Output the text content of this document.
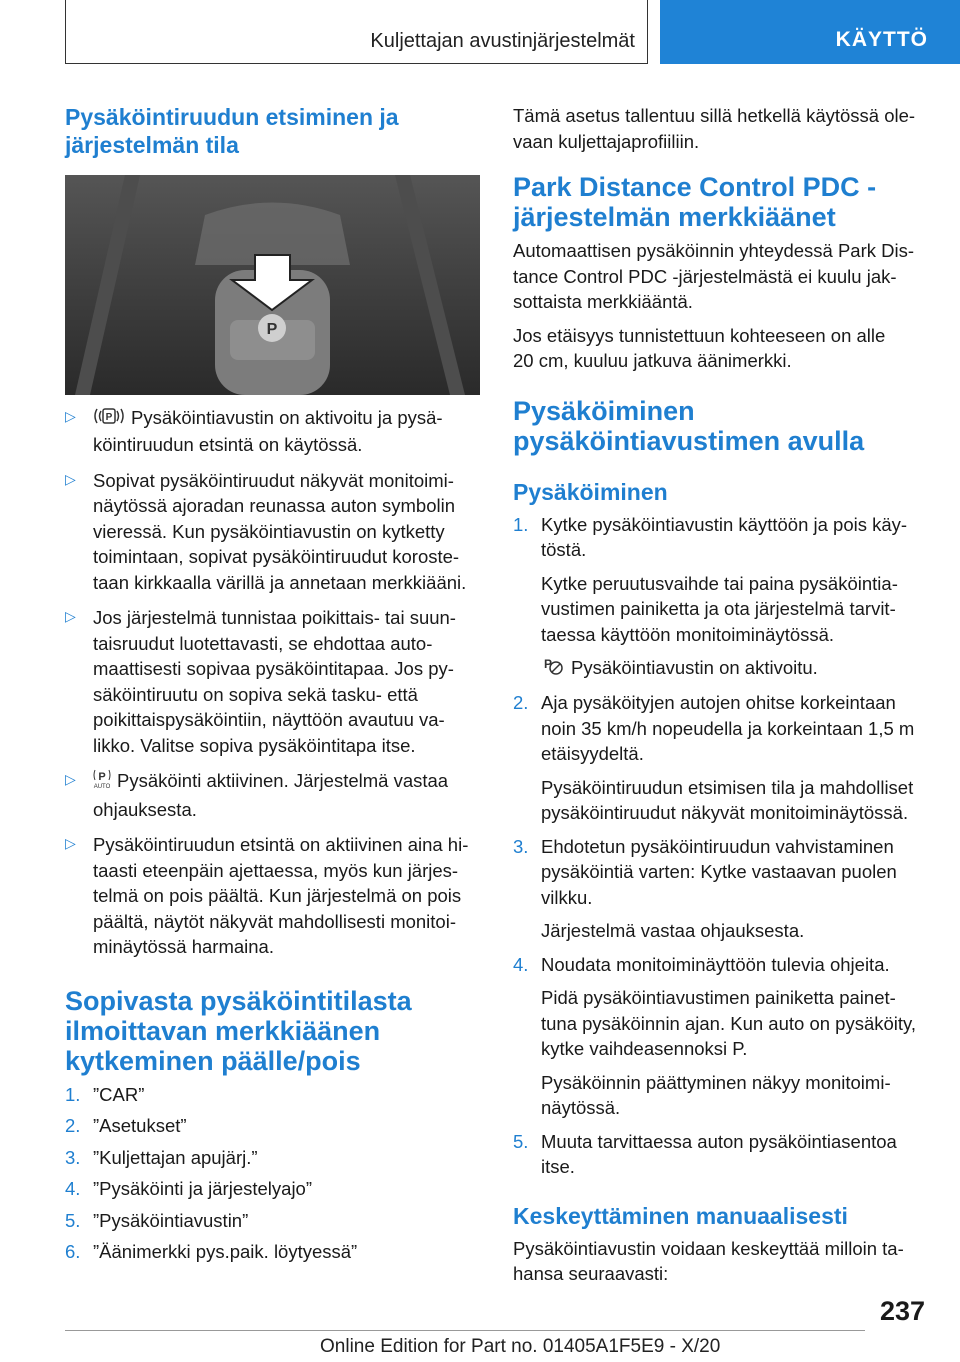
Kuljettajan avustinjärjestelmät	KÄYTTÖ
Pysäköintiruudun etsiminen ja
järjestelmän tila
P
▷	P Pysäköintiavustin on aktivoitu ja pysä-
köintiruudun etsintä on käytössä.
▷ Sopivat pysäköintiruudut näkyvät monitoimi-
näytössä ajoradan reunassa auton symbolin
vieressä. Kun pysäköintiavustin on kytketty
toimintaan, sopivat pysäköintiruudut koroste-
taan kirkkaalla värillä ja annetaan merkkiääni.
▷ Jos järjestelmä tunnistaa poikittais- tai suun-
taisruudut luotettavasti, se ehdottaa auto-
maattisesti sopivaa pysäköintitapaa. Jos py-
säköintiruutu on sopiva sekä tasku- että
poikittaispysäköintiin, näyttöön avautuu va-
likko. Valitse sopiva pysäköintitapa itse.
▷ P
AUTO Pysäköinti aktiivinen. Järjestelmä vastaa
ohjauksesta.
▷ Pysäköintiruudun etsintä on aktiivinen aina hi-
taasti eteenpäin ajettaessa, myös kun järjes-
telmä on pois päältä. Kun järjestelmä on pois
päältä, näytöt näkyvät mahdollisesti monitoi-
minäytössä harmaina.
Sopivasta pysäköintitilasta
ilmoittavan merkkiäänen
kytkeminen päälle/pois
1. ”CAR”
2. ”Asetukset”
3. ”Kuljettajan apujärj.”
4. ”Pysäköinti ja järjestelyajo”
5. ”Pysäköintiavustin”
6. ”Äänimerkki pys.paik. löytyessä”

Tämä asetus tallentuu sillä hetkellä käytössä ole-
vaan kuljettajaprofiiliin.

Park Distance Control PDC -
järjestelmän merkkiäänet

Automaattisen pysäköinnin yhteydessä Park Dis-
tance Control PDC -järjestelmästä ei kuulu jak-
sottaista merkkiääntä.

Jos etäisyys tunnistettuun kohteeseen on alle
20 cm, kuuluu jatkuva äänimerkki.

Pysäköiminen
pysäköintiavustimen avulla
Pysäköiminen
1. Kytke pysäköintiavustin käyttöön ja pois käy-
töstä.
Kytke peruutusvaihde tai paina pysäköintia-
vustimen painiketta ja ota järjestelmä tarvit-
taessa käyttöön monitoiminäytössä.
P Pysäköintiavustin on aktivoitu.
2. Aja pysäköityjen autojen ohitse korkeintaan
noin 35 km/h nopeudella ja korkeintaan 1,5 m
etäisyydeltä.
Pysäköintiruudun etsimisen tila ja mahdolliset
pysäköintiruudut näkyvät monitoiminäytössä.
3. Ehdotetun pysäköintiruudun vahvistaminen
pysäköintiä varten: Kytke vastaavan puolen
vilkku.
Järjestelmä vastaa ohjauksesta.
4. Noudata monitoiminäyttöön tulevia ohjeita.
Pidä pysäköintiavustimen painiketta painet-
tuna pysäköinnin ajan. Kun auto on pysäköity,
kytke vaihdeasennoksi P.
Pysäköinnin päättyminen näkyy monitoimi-
näytössä.
5. Muuta tarvittaessa auton pysäköintiasentoa
itse.
Keskeyttäminen manuaalisesti

Pysäköintiavustin voidaan keskeyttää milloin ta-
hansa seuraavasti:

237
Online Edition for Part no. 01405A1F5E9 - X/20
